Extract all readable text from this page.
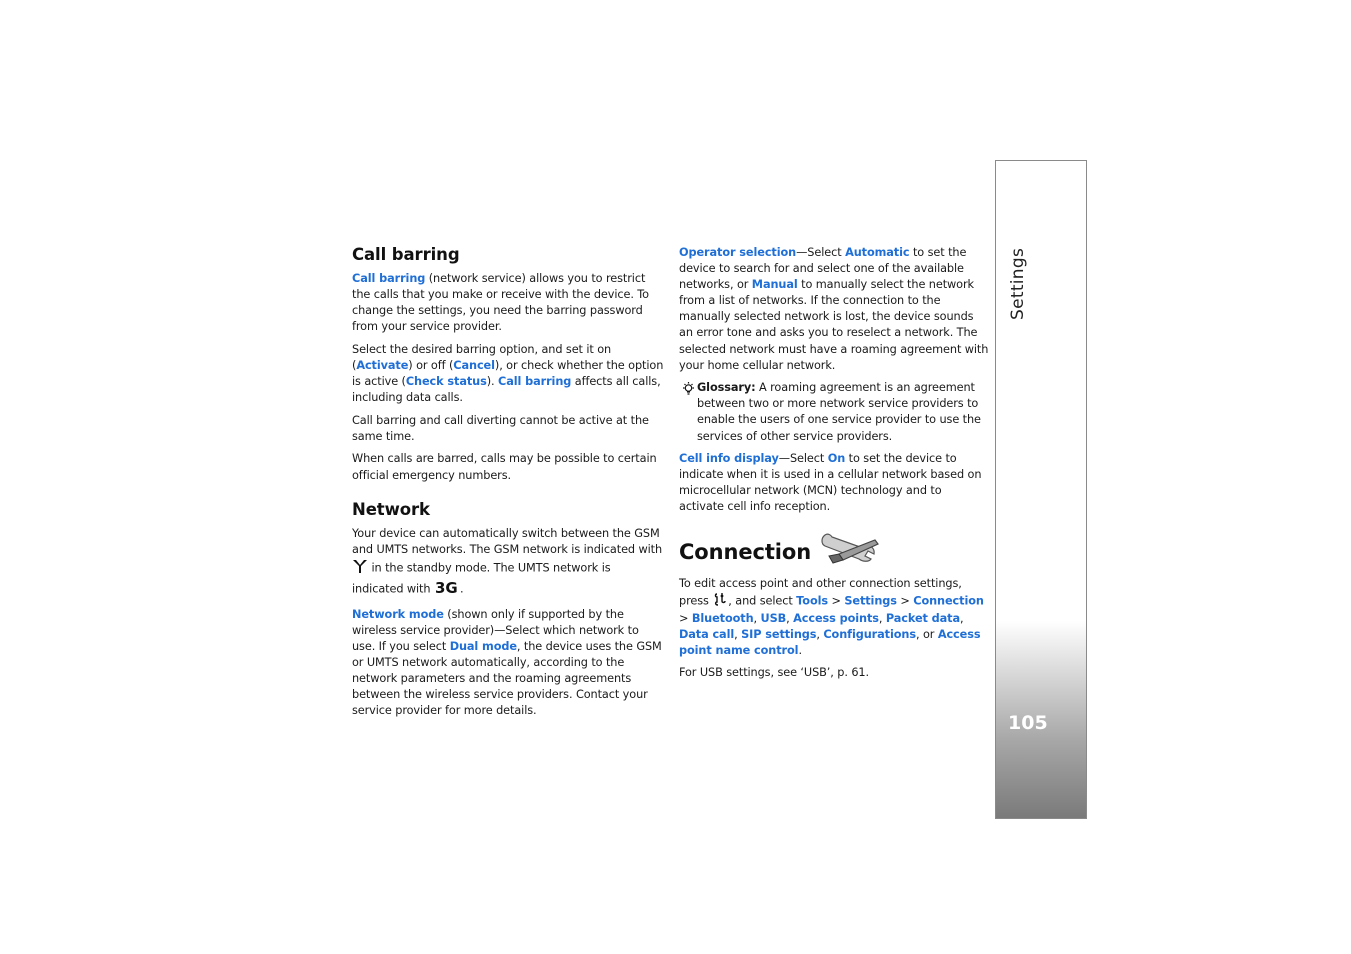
Settings
105
Call barring

Call barring (network service) allows you to restrict the calls that you make or receive with the device. To change the settings, you need the barring password from your service provider.

Select the desired barring option, and set it on (Activate) or off (Cancel), or check whether the option is active (Check status). Call barring affects all calls, including data calls.

Call barring and call diverting cannot be active at the same time.

When calls are barred, calls may be possible to certain official emergency numbers.

Network

Your device can automatically switch between the GSM and UMTS networks. The GSM network is indicated with  in the standby mode. The UMTS network is indicated with 3G .

Network mode (shown only if supported by the wireless service provider)—Select which network to use. If you select Dual mode, the device uses the GSM or UMTS network automatically, according to the network parameters and the roaming agreements between the wireless service providers. Contact your service provider for more details.

Operator selection—Select Automatic to set the device to search for and select one of the available networks, or Manual to manually select the network from a list of networks. If the connection to the manually selected network is lost, the device sounds an error tone and asks you to reselect a network. The selected network must have a roaming agreement with your home cellular network.

Glossary: A roaming agreement is an agreement between two or more network service providers to enable the users of one service provider to use the services of other service providers.

Cell info display—Select On to set the device to indicate when it is used in a cellular network based on microcellular network (MCN) technology and to activate cell info reception.

Connection

To edit access point and other connection settings, press , and select Tools > Settings > Connection > Bluetooth, USB, Access points, Packet data, Data call, SIP settings, Configurations, or Access point name control.

For USB settings, see ‘USB’, p. 61.
